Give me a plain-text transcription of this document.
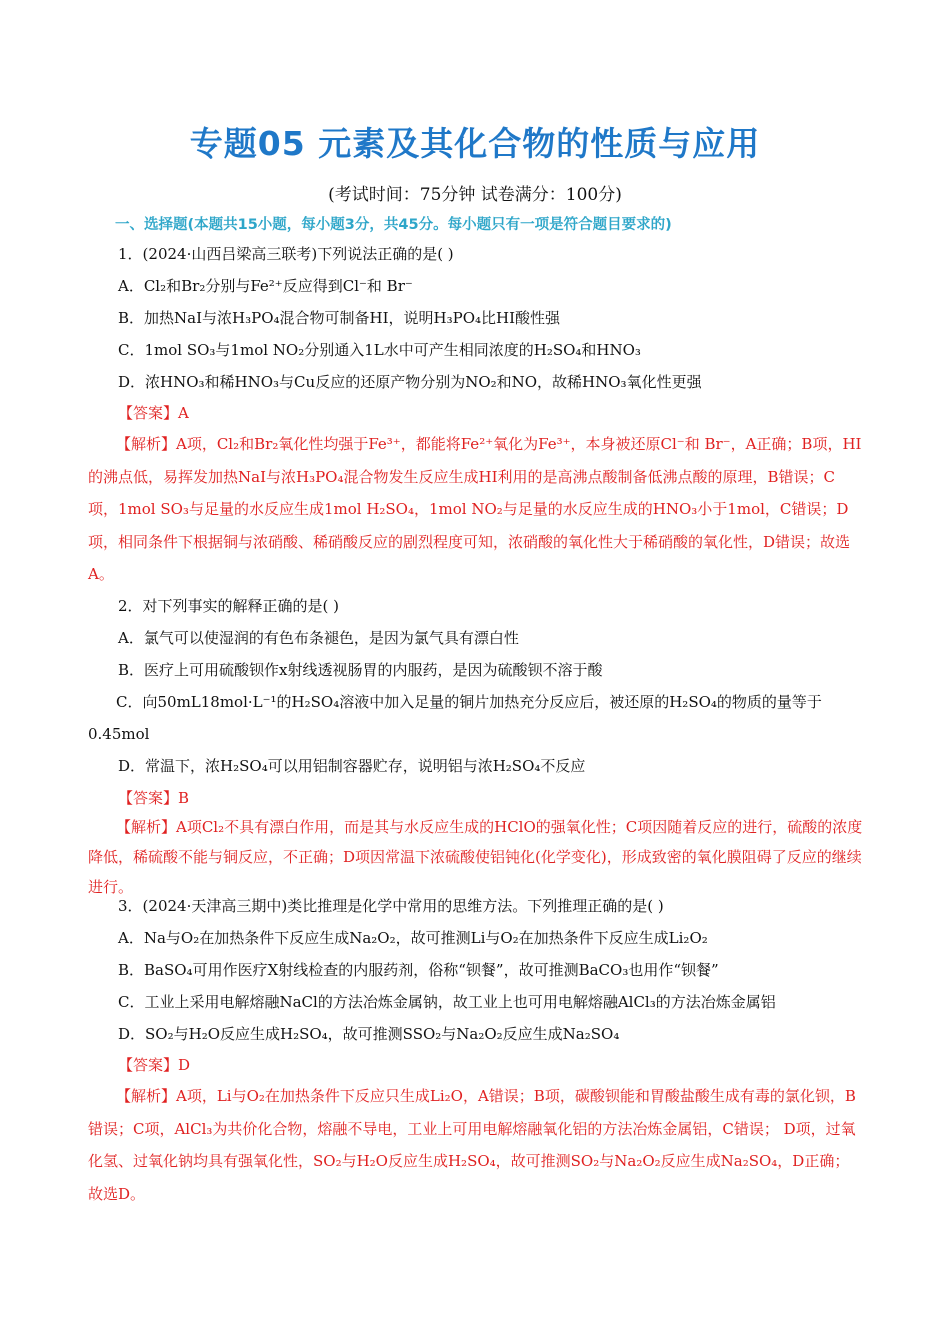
专题05 元素及其化合物的性质与应用
(考试时间：75分钟 试卷满分：100分)
一、选择题(本题共15小题，每小题3分，共45分。每小题只有一项是符合题目要求的)
1．(2024·山西吕梁高三联考)下列说法正确的是( )
A．Cl₂和Br₂分别与Fe²⁺反应得到Cl⁻和 Br⁻
B．加热NaI与浓H₃PO₄混合物可制备HI，说明H₃PO₄比HI酸性强
C．1mol SO₃与1mol NO₂分别通入1L水中可产生相同浓度的H₂SO₄和HNO₃
D．浓HNO₃和稀HNO₃与Cu反应的还原产物分别为NO₂和NO，故稀HNO₃氧化性更强
【答案】A
【解析】A项，Cl₂和Br₂氧化性均强于Fe³⁺，都能将Fe²⁺氧化为Fe³⁺，本身被还原Cl⁻和 Br⁻，A正确；B项，HI的沸点低，易挥发加热NaI与浓H₃PO₄混合物发生反应生成HI利用的是高沸点酸制备低沸点酸的原理，B错误；C项，1mol SO₃与足量的水反应生成1mol H₂SO₄，1mol NO₂与足量的水反应生成的HNO₃小于1mol，C错误；D项，相同条件下根据铜与浓硝酸、稀硝酸反应的剧烈程度可知，浓硝酸的氧化性大于稀硝酸的氧化性，D错误；故选A。
2．对下列事实的解释正确的是( )
A．氯气可以使湿润的有色布条褪色，是因为氯气具有漂白性
B．医疗上可用硫酸钡作x射线透视肠胃的内服药，是因为硫酸钡不溶于酸
C．向50mL18mol·L⁻¹的H₂SO₄溶液中加入足量的铜片加热充分反应后，被还原的H₂SO₄的物质的量等于0.45mol
D．常温下，浓H₂SO₄可以用铝制容器贮存，说明铝与浓H₂SO₄不反应
【答案】B
【解析】A项Cl₂不具有漂白作用，而是其与水反应生成的HClO的强氧化性；C项因随着反应的进行，硫酸的浓度降低，稀硫酸不能与铜反应，不正确；D项因常温下浓硫酸使铝钝化(化学变化)，形成致密的氧化膜阻碍了反应的继续进行。
3．(2024·天津高三期中)类比推理是化学中常用的思维方法。下列推理正确的是( )
A．Na与O₂在加热条件下反应生成Na₂O₂，故可推测Li与O₂在加热条件下反应生成Li₂O₂
B．BaSO₄可用作医疗X射线检查的内服药剂，俗称“钡餐”，故可推测BaCO₃也用作“钡餐”
C．工业上采用电解熔融NaCl的方法冶炼金属钠，故工业上也可用电解熔融AlCl₃的方法冶炼金属铝
D．SO₂与H₂O反应生成H₂SO₄，故可推测SSO₂与Na₂O₂反应生成Na₂SO₄
【答案】D
【解析】A项，Li与O₂在加热条件下反应只生成Li₂O，A错误；B项，碳酸钡能和胃酸盐酸生成有毒的氯化钡，B错误；C项，AlCl₃为共价化合物，熔融不导电，工业上可用电解熔融氧化铝的方法冶炼金属铝，C错误； D项，过氧化氢、过氧化钠均具有强氧化性，SO₂与H₂O反应生成H₂SO₄，故可推测SO₂与Na₂O₂反应生成Na₂SO₄，D正确；故选D。
